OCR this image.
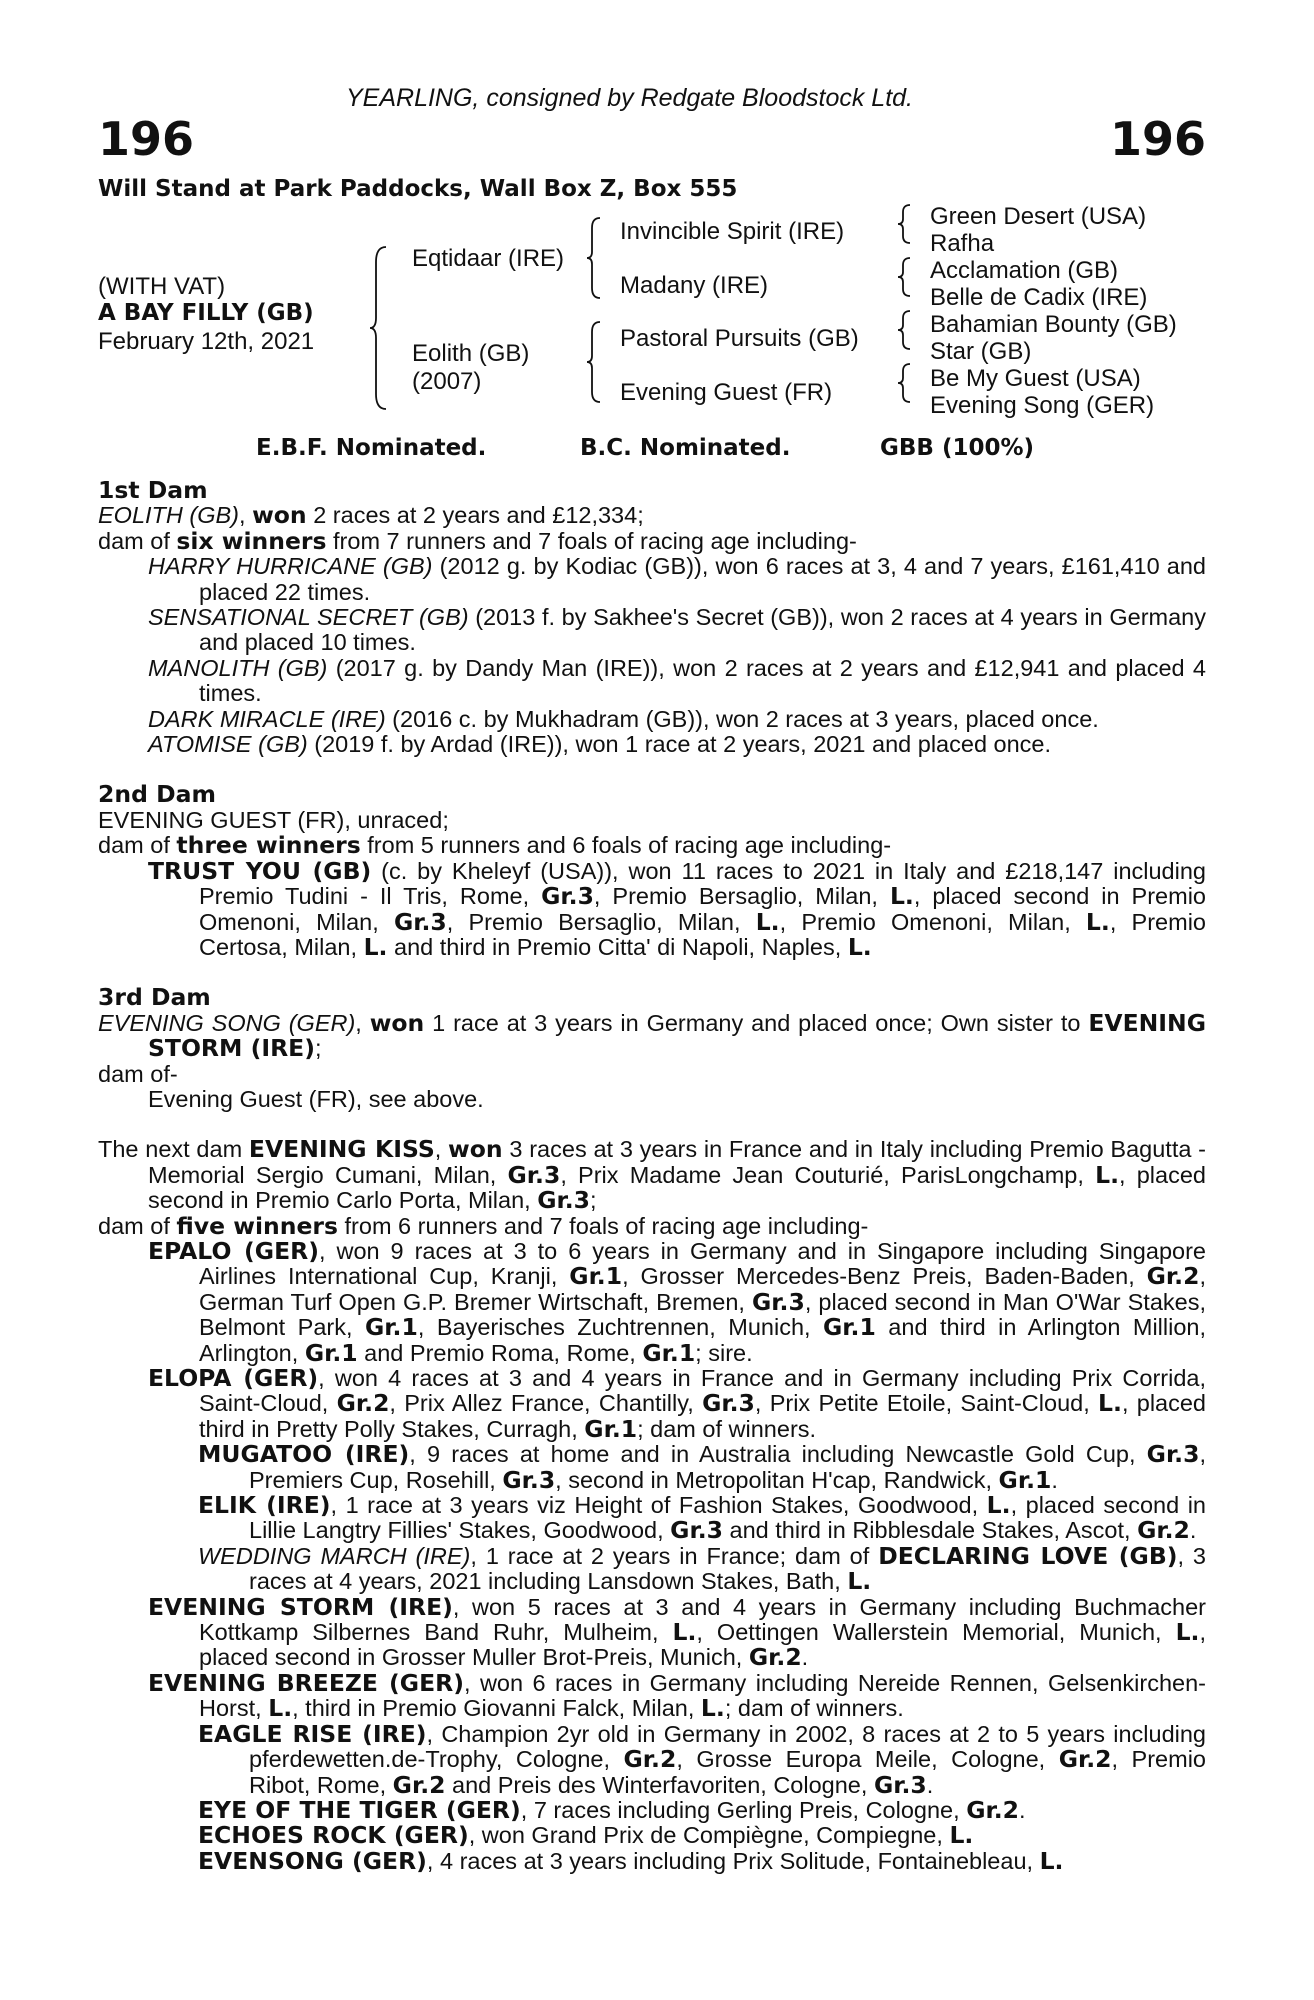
YEARLING, consigned by Redgate Bloodstock Ltd.
196	196
Will Stand at Park Paddocks, Wall Box Z, Box 555
(WITH VAT)
A BAY FILLY (GB)
February 12th, 2021
Eqtidaar (IRE)
Eolith (GB)
(2007)
Invincible Spirit (IRE)
Madany (IRE)
Pastoral Pursuits (GB)
Evening Guest (FR)
Green Desert (USA)
Rafha
Acclamation (GB)
Belle de Cadix (IRE)
Bahamian Bounty (GB)
Star (GB)
Be My Guest (USA)
Evening Song (GER)
E.B.F. Nominated.	B.C. Nominated.	GBB (100%)
1st Dam
EOLITH (GB), won 2 races at 2 years and £12,334;
dam of six winners from 7 runners and 7 foals of racing age including-
HARRY HURRICANE (GB) (2012 g. by Kodiac (GB)), won 6 races at 3, 4 and 7 years, £161,410 and placed 22 times.
SENSATIONAL SECRET (GB) (2013 f. by Sakhee's Secret (GB)), won 2 races at 4 years in Germany and placed 10 times.
MANOLITH (GB) (2017 g. by Dandy Man (IRE)), won 2 races at 2 years and £12,941 and placed 4 times.
DARK MIRACLE (IRE) (2016 c. by Mukhadram (GB)), won 2 races at 3 years, placed once.
ATOMISE (GB) (2019 f. by Ardad (IRE)), won 1 race at 2 years, 2021 and placed once.
2nd Dam
EVENING GUEST (FR), unraced;
dam of three winners from 5 runners and 6 foals of racing age including-
TRUST YOU (GB) (c. by Kheleyf (USA)), won 11 races to 2021 in Italy and £218,147 including Premio Tudini - Il Tris, Rome, Gr.3, Premio Bersaglio, Milan, L., placed second in Premio Omenoni, Milan, Gr.3, Premio Bersaglio, Milan, L., Premio Omenoni, Milan, L., Premio Certosa, Milan, L. and third in Premio Citta' di Napoli, Naples, L.
3rd Dam
EVENING SONG (GER), won 1 race at 3 years in Germany and placed once; Own sister to EVENING STORM (IRE);
dam of-
Evening Guest (FR), see above.
The next dam EVENING KISS, won 3 races at 3 years in France and in Italy including Premio Bagutta - Memorial Sergio Cumani, Milan, Gr.3, Prix Madame Jean Couturié, ParisLongchamp, L., placed second in Premio Carlo Porta, Milan, Gr.3;
dam of five winners from 6 runners and 7 foals of racing age including-
EPALO (GER), won 9 races at 3 to 6 years in Germany and in Singapore including Singapore Airlines International Cup, Kranji, Gr.1, Grosser Mercedes-Benz Preis, Baden-Baden, Gr.2, German Turf Open G.P. Bremer Wirtschaft, Bremen, Gr.3, placed second in Man O'War Stakes, Belmont Park, Gr.1, Bayerisches Zuchtrennen, Munich, Gr.1 and third in Arlington Million, Arlington, Gr.1 and Premio Roma, Rome, Gr.1; sire.
ELOPA (GER), won 4 races at 3 and 4 years in France and in Germany including Prix Corrida, Saint-Cloud, Gr.2, Prix Allez France, Chantilly, Gr.3, Prix Petite Etoile, Saint-Cloud, L., placed third in Pretty Polly Stakes, Curragh, Gr.1; dam of winners.
MUGATOO (IRE), 9 races at home and in Australia including Newcastle Gold Cup, Gr.3, Premiers Cup, Rosehill, Gr.3, second in Metropolitan H'cap, Randwick, Gr.1.
ELIK (IRE), 1 race at 3 years viz Height of Fashion Stakes, Goodwood, L., placed second in Lillie Langtry Fillies' Stakes, Goodwood, Gr.3 and third in Ribblesdale Stakes, Ascot, Gr.2.
WEDDING MARCH (IRE), 1 race at 2 years in France; dam of DECLARING LOVE (GB), 3 races at 4 years, 2021 including Lansdown Stakes, Bath, L.
EVENING STORM (IRE), won 5 races at 3 and 4 years in Germany including Buchmacher Kottkamp Silbernes Band Ruhr, Mulheim, L., Oettingen Wallerstein Memorial, Munich, L., placed second in Grosser Muller Brot-Preis, Munich, Gr.2.
EVENING BREEZE (GER), won 6 races in Germany including Nereide Rennen, Gelsenkirchen-Horst, L., third in Premio Giovanni Falck, Milan, L.; dam of winners.
EAGLE RISE (IRE), Champion 2yr old in Germany in 2002, 8 races at 2 to 5 years including pferdewetten.de-Trophy, Cologne, Gr.2, Grosse Europa Meile, Cologne, Gr.2, Premio Ribot, Rome, Gr.2 and Preis des Winterfavoriten, Cologne, Gr.3.
EYE OF THE TIGER (GER), 7 races including Gerling Preis, Cologne, Gr.2.
ECHOES ROCK (GER), won Grand Prix de Compiègne, Compiegne, L.
EVENSONG (GER), 4 races at 3 years including Prix Solitude, Fontainebleau, L.
